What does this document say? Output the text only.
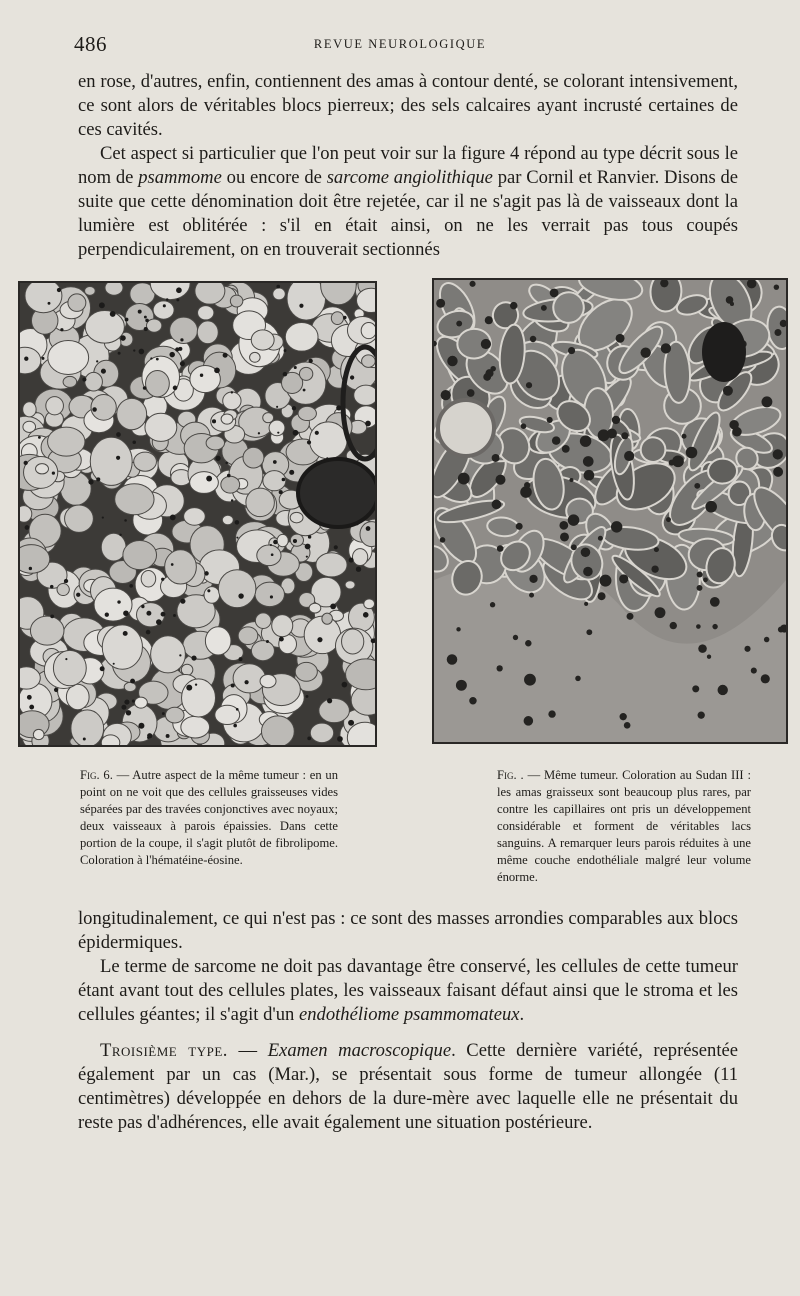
486	REVUE NEUROLOGIQUE

en rose, d'autres, enfin, contiennent des amas à contour denté, se colorant intensivement, ce sont alors de véritables blocs pierreux; des sels calcaires ayant incrusté certaines de ces cavités.

Cet aspect si particulier que l'on peut voir sur la figure 4 répond au type décrit sous le nom de psammome ou encore de sarcome angiolithique par Cornil et Ranvier. Disons de suite que cette dénomination doit être rejetée, car il ne s'agit pas là de vaisseaux dont la lumière est oblitérée : s'il en était ainsi, on ne les verrait pas tous coupés perpendiculairement, on en trouverait sectionnés

Fig. 6. — Autre aspect de la même tumeur : en un point on ne voit que des cellules graisseuses vides séparées par des travées conjonctives avec noyaux; deux vaisseaux à parois épaissies. Dans cette portion de la coupe, il s'agit plutôt de fibrolipome. Coloration à l'hématéine-éosine.
Fig. . — Même tumeur. Coloration au Sudan III : les amas graisseux sont beaucoup plus rares, par contre les capillaires ont pris un développement considérable et forment de véritables lacs sanguins. A remarquer leurs parois réduites à une même couche endothéliale malgré leur volume énorme.

longitudinalement, ce qui n'est pas : ce sont des masses arrondies comparables aux blocs épidermiques.

Le terme de sarcome ne doit pas davantage être conservé, les cellules de cette tumeur étant avant tout des cellules plates, les vaisseaux faisant défaut ainsi que le stroma et les cellules géantes; il s'agit d'un endothéliome psammomateux.

Troisième type. — Examen macroscopique. Cette dernière variété, représentée également par un cas (Mar.), se présentait sous forme de tumeur allongée (11 centimètres) développée en dehors de la dure-mère avec laquelle elle ne présentait du reste pas d'adhérences, elle avait également une situation postérieure.
